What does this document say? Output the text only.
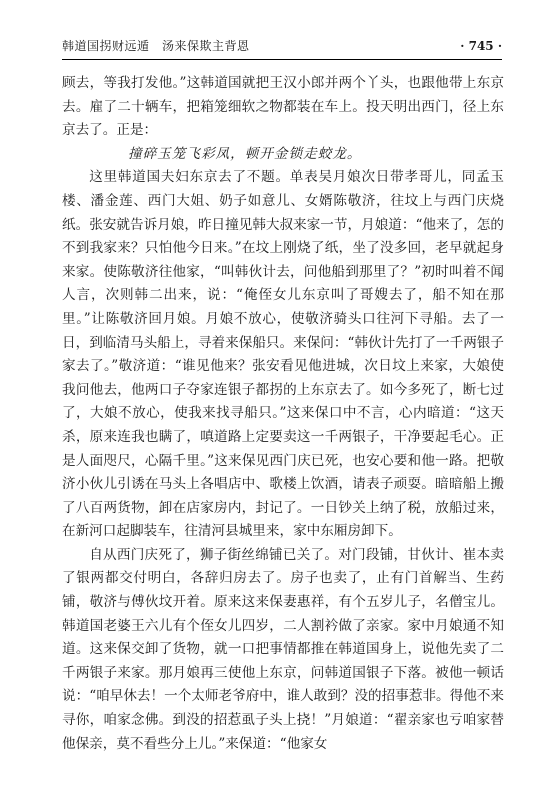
韩道国拐财远遁　汤来保欺主背恩	· 745 ·

顾去，等我打发他。”这韩道国就把王汉小郎并两个丫头，也跟他带上东京去。雇了二十辆车，把箱笼细软之物都装在车上。投天明出西门，径上东京去了。正是：

撞碎玉笼飞彩凤，顿开金锁走蛟龙。

这里韩道国夫妇东京去了不题。单表吴月娘次日带孝哥儿，同孟玉楼、潘金莲、西门大姐、奶子如意儿、女婿陈敬济，往坟上与西门庆烧纸。张安就告诉月娘，昨日撞见韩大叔来家一节，月娘道：“他来了，怎的不到我家来？只怕他今日来。”在坟上刚烧了纸，坐了没多回，老早就起身来家。使陈敬济往他家，“叫韩伙计去，问他船到那里了？”初时叫着不闻人言，次则韩二出来，说：“俺侄女儿东京叫了哥嫂去了，船不知在那里。”让陈敬济回月娘。月娘不放心，使敬济骑头口往河下寻船。去了一日，到临清马头船上，寻着来保船只。来保问：“韩伙计先打了一千两银子家去了。”敬济道：“谁见他来？张安看见他进城，次日坟上来家，大娘使我问他去，他两口子夺家连银子都拐的上东京去了。如今多死了，断七过了，大娘不放心，使我来找寻船只。”这来保口中不言，心内暗道：“这天杀，原来连我也瞒了，嗔道路上定要卖这一千两银子，干净要起毛心。正是人面咫尺，心隔千里。”这来保见西门庆已死，也安心要和他一路。把敬济小伙儿引诱在马头上各唱店中、歌楼上饮酒，请表子顽耍。暗暗船上搬了八百两货物，卸在店家房内，封记了。一日钞关上纳了税，放船过来，在新河口起脚装车，往清河县城里来，家中东厢房卸下。

自从西门庆死了，狮子街丝绵铺已关了。对门段铺，甘伙计、崔本卖了银两都交付明白，各辞归房去了。房子也卖了，止有门首解当、生药铺，敬济与傅伙坟开着。原来这来保妻惠祥，有个五岁儿子，名僧宝儿。韩道国老婆王六儿有个侄女儿四岁，二人割衿做了亲家。家中月娘通不知道。这来保交卸了货物，就一口把事情都推在韩道国身上，说他先卖了二千两银子来家。那月娘再三使他上东京，问韩道国银子下落。被他一顿话说：“咱早休去！一个太师老爷府中，谁人敢到？没的招事惹非。得他不来寻你，咱家念佛。到没的招惹虱子头上挠！”月娘道：“翟亲家也亏咱家替他保亲，莫不看些分上儿。”来保道：“他家女
